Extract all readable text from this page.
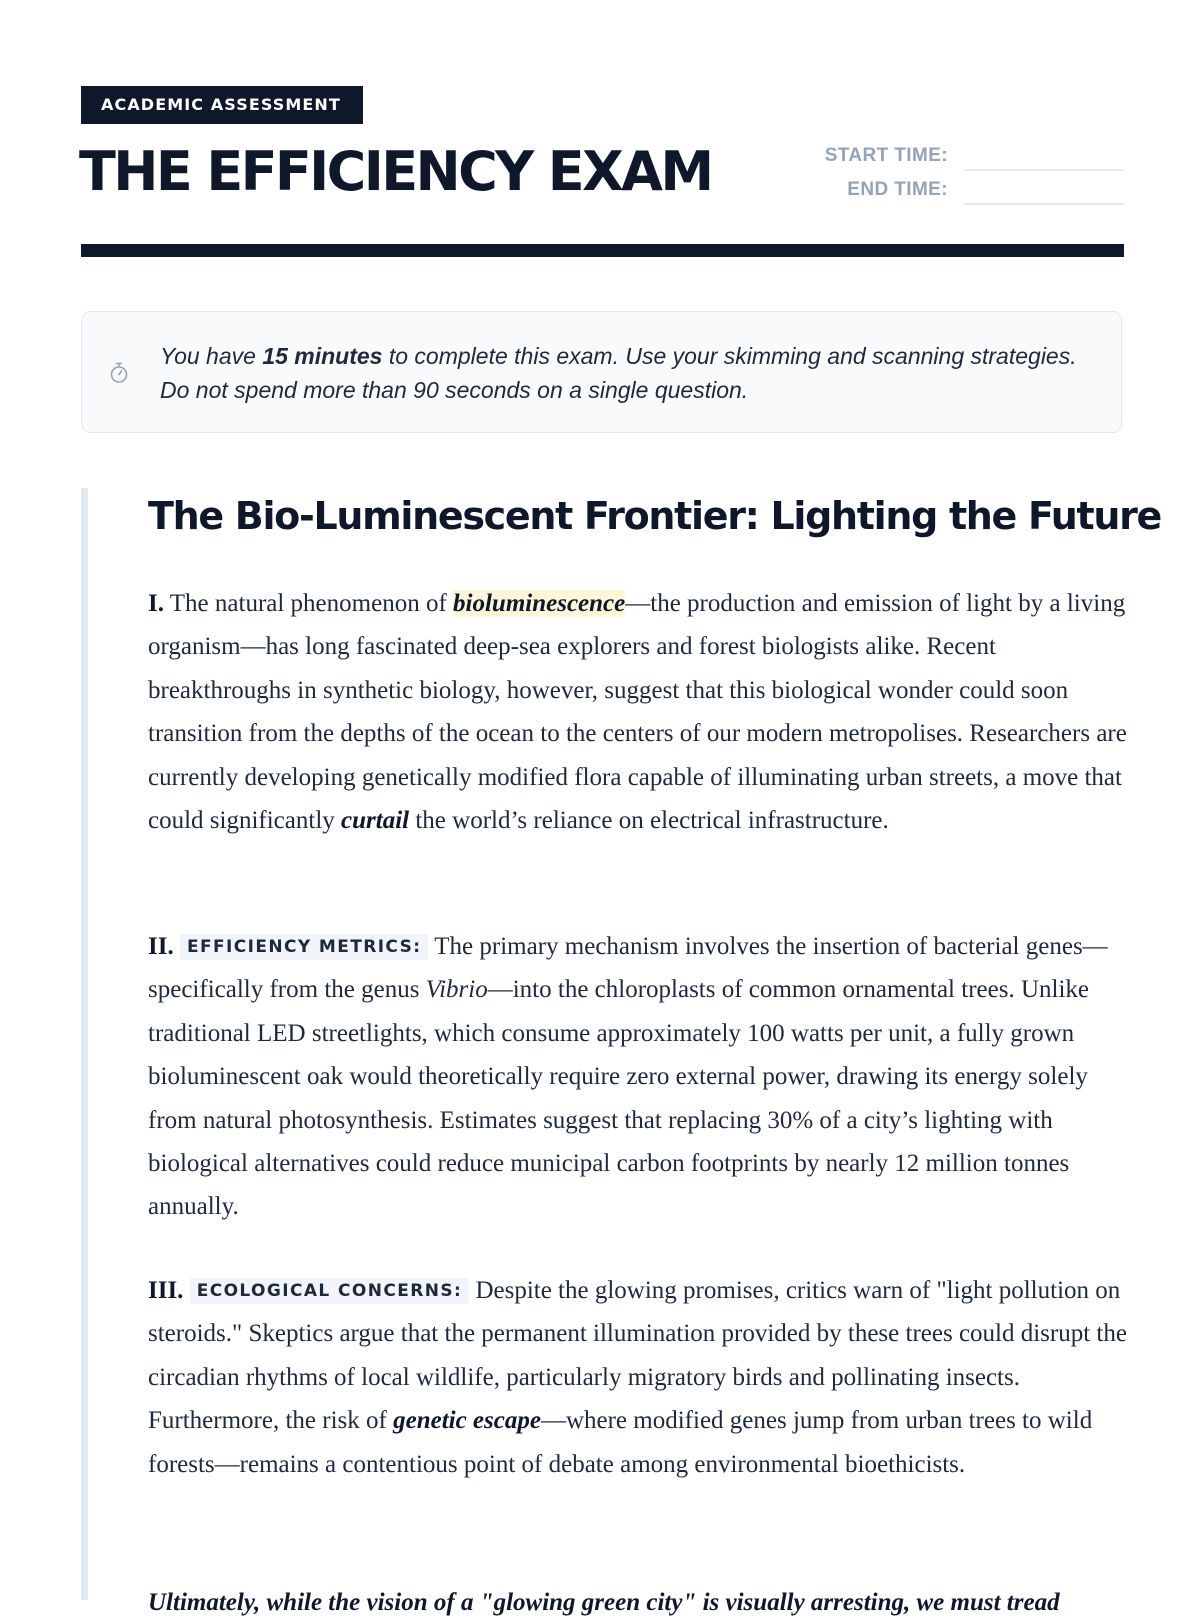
ACADEMIC ASSESSMENT
THE EFFICIENCY EXAM	START TIME:
END TIME:

You have 15 minutes to complete this exam. Use your skimming and scanning strategies. Do not spend more than 90 seconds on a single question.

The Bio-Luminescent Frontier: Lighting the Future

I. The natural phenomenon of bioluminescence—the production and emission of light by a living organism—has long fascinated deep-sea explorers and forest biologists alike. Recent breakthroughs in synthetic biology, however, suggest that this biological wonder could soon transition from the depths of the ocean to the centers of our modern metropolises. Researchers are currently developing genetically modified flora capable of illuminating urban streets, a move that could significantly curtail the world’s reliance on electrical infrastructure.

II. EFFICIENCY METRICS: The primary mechanism involves the insertion of bacterial genes—specifically from the genus Vibrio—into the chloroplasts of common ornamental trees. Unlike traditional LED streetlights, which consume approximately 100 watts per unit, a fully grown bioluminescent oak would theoretically require zero external power, drawing its energy solely from natural photosynthesis. Estimates suggest that replacing 30% of a city’s lighting with biological alternatives could reduce municipal carbon footprints by nearly 12 million tonnes annually.

III. ECOLOGICAL CONCERNS: Despite the glowing promises, critics warn of "light pollution on steroids." Skeptics argue that the permanent illumination provided by these trees could disrupt the circadian rhythms of local wildlife, particularly migratory birds and pollinating insects. Furthermore, the risk of genetic escape—where modified genes jump from urban trees to wild forests—remains a contentious point of debate among environmental bioethicists.

Ultimately, while the vision of a "glowing green city" is visually arresting, we must tread
